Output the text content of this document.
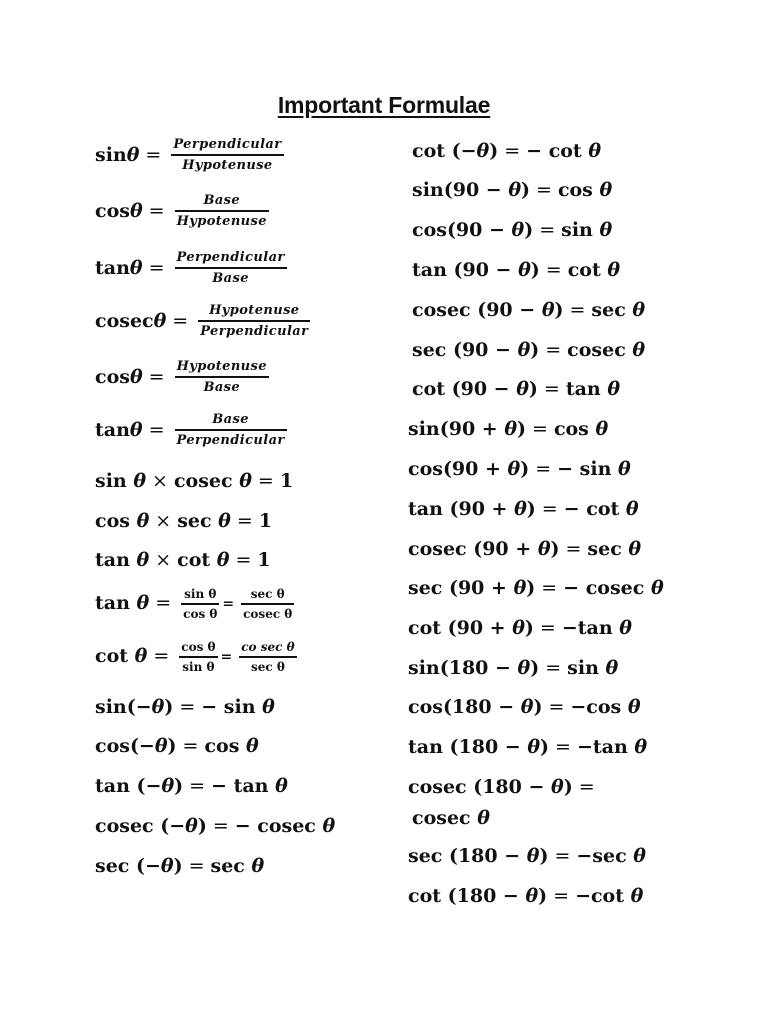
Important Formulae
$\sin \theta = \frac{\text{Perpendicular}}{\text{Hypotenuse}}$
$\cos \theta = \frac{\text{Base}}{\text{Hypotenuse}}$
$\tan \theta = \frac{\text{Perpendicular}}{\text{Base}}$
cosec $\theta = \frac{\text{Hypotenuse}}{\text{Perpendicular}}$
$\cos \theta = \frac{\text{Hypotenuse}}{\text{Base}}$
$\tan \theta = \frac{\text{Base}}{\text{Perpendicular}}$
sin
θ × cosec
θ = 1
cos
θ × sec
θ = 1
tan
θ × cot
θ = 1
tan
$\theta = \frac{\text{sin θ}}{\text{cos θ}} = \frac{\text{sec θ}}{\text{cosec θ}}$
cot
$\theta = \frac{\text{cos θ}}{\text{sin θ}} = \frac{\text{co sec θ}}{\text{sec θ}}$
sin(− θ ) = − sin
θ
cos(− θ ) = cos
θ
tan (− θ ) = − tan
θ
cosec (− θ ) = − cosec
θ
sec (− θ ) = sec
θ
cot (− θ ) = − cot
θ
sin(90 −
θ ) = cos
θ
cos(90 −
θ ) = sin
θ
tan (90 −
θ ) = cot
θ
cosec (90 −
θ ) = sec
θ
sec (90 −
θ ) = cosec
θ
cot (90 −
θ ) = tan
θ
sin(90 +
θ ) = cos
θ
cos(90 +
θ ) = − sin
θ
tan (90 +
θ ) = − cot
θ
cosec (90 +
θ ) = sec
θ
sec (90 +
θ ) = − cosec
θ
cot (90 +
θ ) = −tan
θ
sin(180 −
θ ) = sin
θ
cos(180 −
θ ) = −cos
θ
tan (180 −
θ ) = −tan
θ
cosec (180 −
θ ) =
cosec
θ
sec (180 −
θ ) = −sec
θ
cot (180 −
θ ) = −cot
θ
